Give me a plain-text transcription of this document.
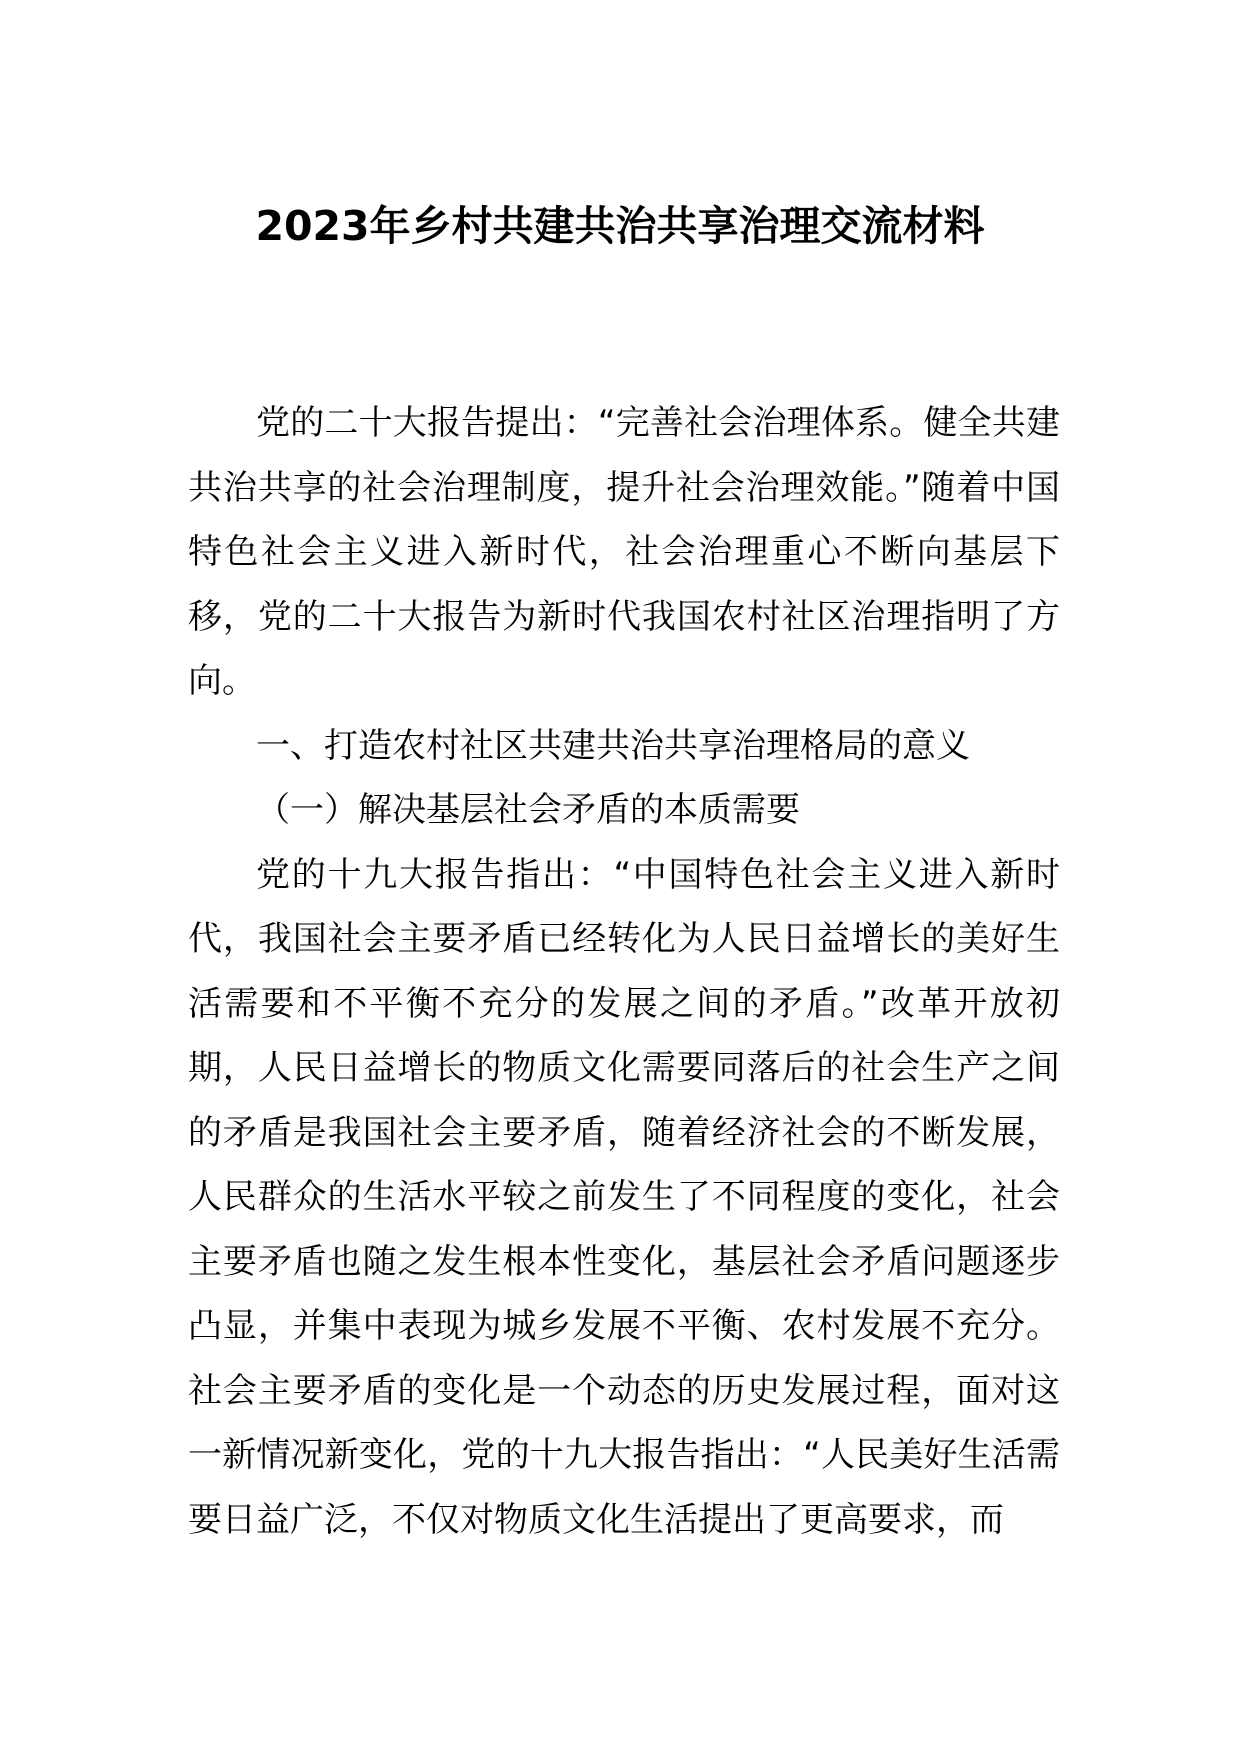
2023年乡村共建共治共享治理交流材料

党的二十大报告提出：“完善社会治理体系。健全共建共治共享的社会治理制度，提升社会治理效能。”随着中国特色社会主义进入新时代，社会治理重心不断向基层下移，党的二十大报告为新时代我国农村社区治理指明了方向。

一、打造农村社区共建共治共享治理格局的意义

（一）解决基层社会矛盾的本质需要

党的十九大报告指出：“中国特色社会主义进入新时代，我国社会主要矛盾已经转化为人民日益增长的美好生活需要和不平衡不充分的发展之间的矛盾。”改革开放初期，人民日益增长的物质文化需要同落后的社会生产之间的矛盾是我国社会主要矛盾，随着经济社会的不断发展，人民群众的生活水平较之前发生了不同程度的变化，社会主要矛盾也随之发生根本性变化，基层社会矛盾问题逐步凸显，并集中表现为城乡发展不平衡、农村发展不充分。社会主要矛盾的变化是一个动态的历史发展过程，面对这一新情况新变化，党的十九大报告指出：“人民美好生活需要日益广泛，不仅对物质文化生活提出了更高要求，而
